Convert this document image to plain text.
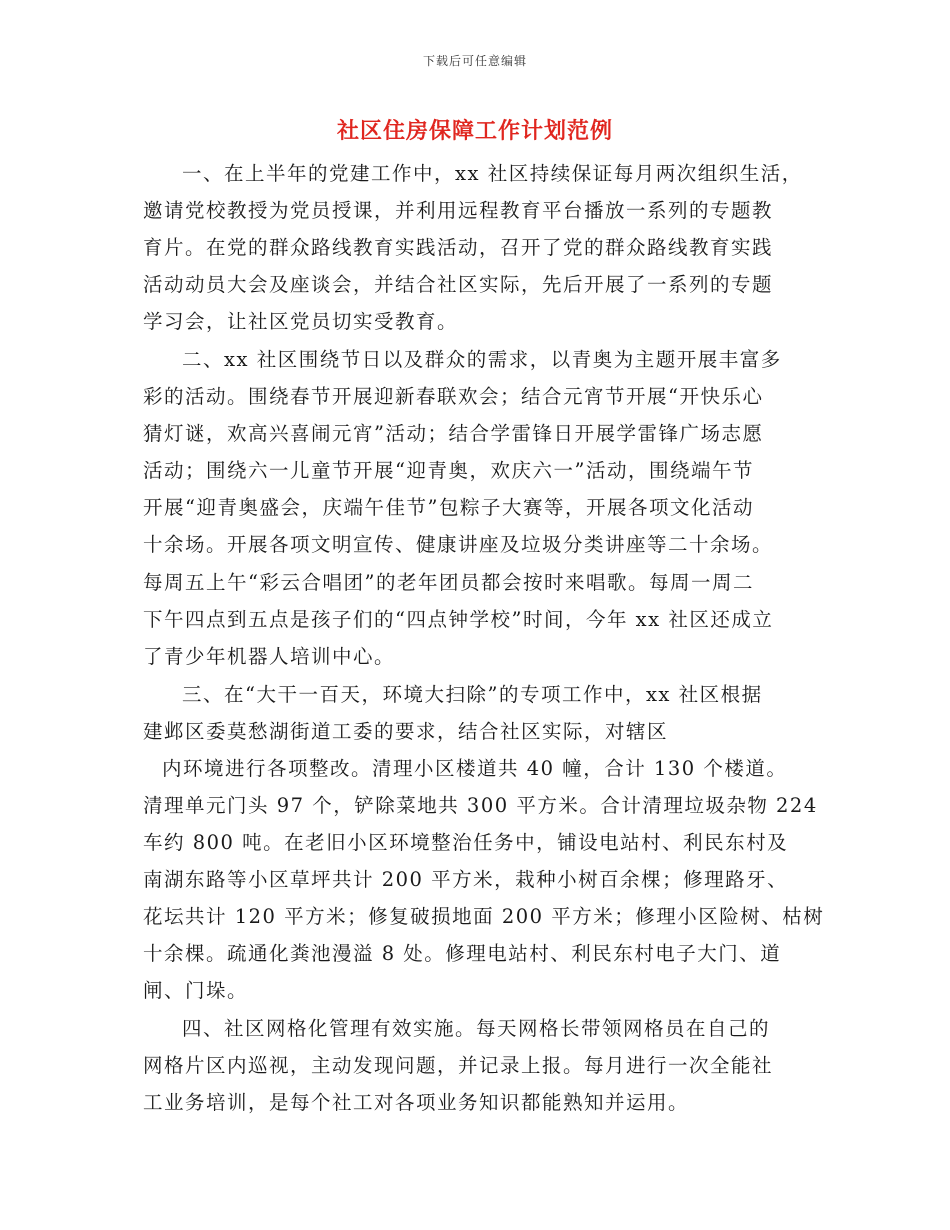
下载后可任意编辑
社区住房保障工作计划范例
一、在上半年的党建工作中，xx 社区持续保证每月两次组织生活，
邀请党校教授为党员授课，并利用远程教育平台播放一系列的专题教
育片。在党的群众路线教育实践活动，召开了党的群众路线教育实践
活动动员大会及座谈会，并结合社区实际，先后开展了一系列的专题
学习会，让社区党员切实受教育。
二、xx 社区围绕节日以及群众的需求，以青奥为主题开展丰富多
彩的活动。围绕春节开展迎新春联欢会；结合元宵节开展“开快乐心
猜灯谜，欢高兴喜闹元宵”活动；结合学雷锋日开展学雷锋广场志愿
活动；围绕六一儿童节开展“迎青奥，欢庆六一”活动，围绕端午节
开展“迎青奥盛会，庆端午佳节”包粽子大赛等，开展各项文化活动
十余场。开展各项文明宣传、健康讲座及垃圾分类讲座等二十余场。
每周五上午“彩云合唱团”的老年团员都会按时来唱歌。每周一周二
下午四点到五点是孩子们的“四点钟学校”时间，今年 xx 社区还成立
了青少年机器人培训中心。
三、在“大干一百天，环境大扫除”的专项工作中，xx 社区根据
建邺区委莫愁湖街道工委的要求，结合社区实际，对辖区
内环境进行各项整改。清理小区楼道共 40 幢，合计 130 个楼道。
清理单元门头 97 个，铲除菜地共 300 平方米。合计清理垃圾杂物 224
车约 800 吨。在老旧小区环境整治任务中，铺设电站村、利民东村及
南湖东路等小区草坪共计 200 平方米，栽种小树百余棵；修理路牙、
花坛共计 120 平方米；修复破损地面 200 平方米；修理小区险树、枯树
十余棵。疏通化粪池漫溢 8 处。修理电站村、利民东村电子大门、道
闸、门垛。
四、社区网格化管理有效实施。每天网格长带领网格员在自己的
网格片区内巡视，主动发现问题，并记录上报。每月进行一次全能社
工业务培训，是每个社工对各项业务知识都能熟知并运用。
